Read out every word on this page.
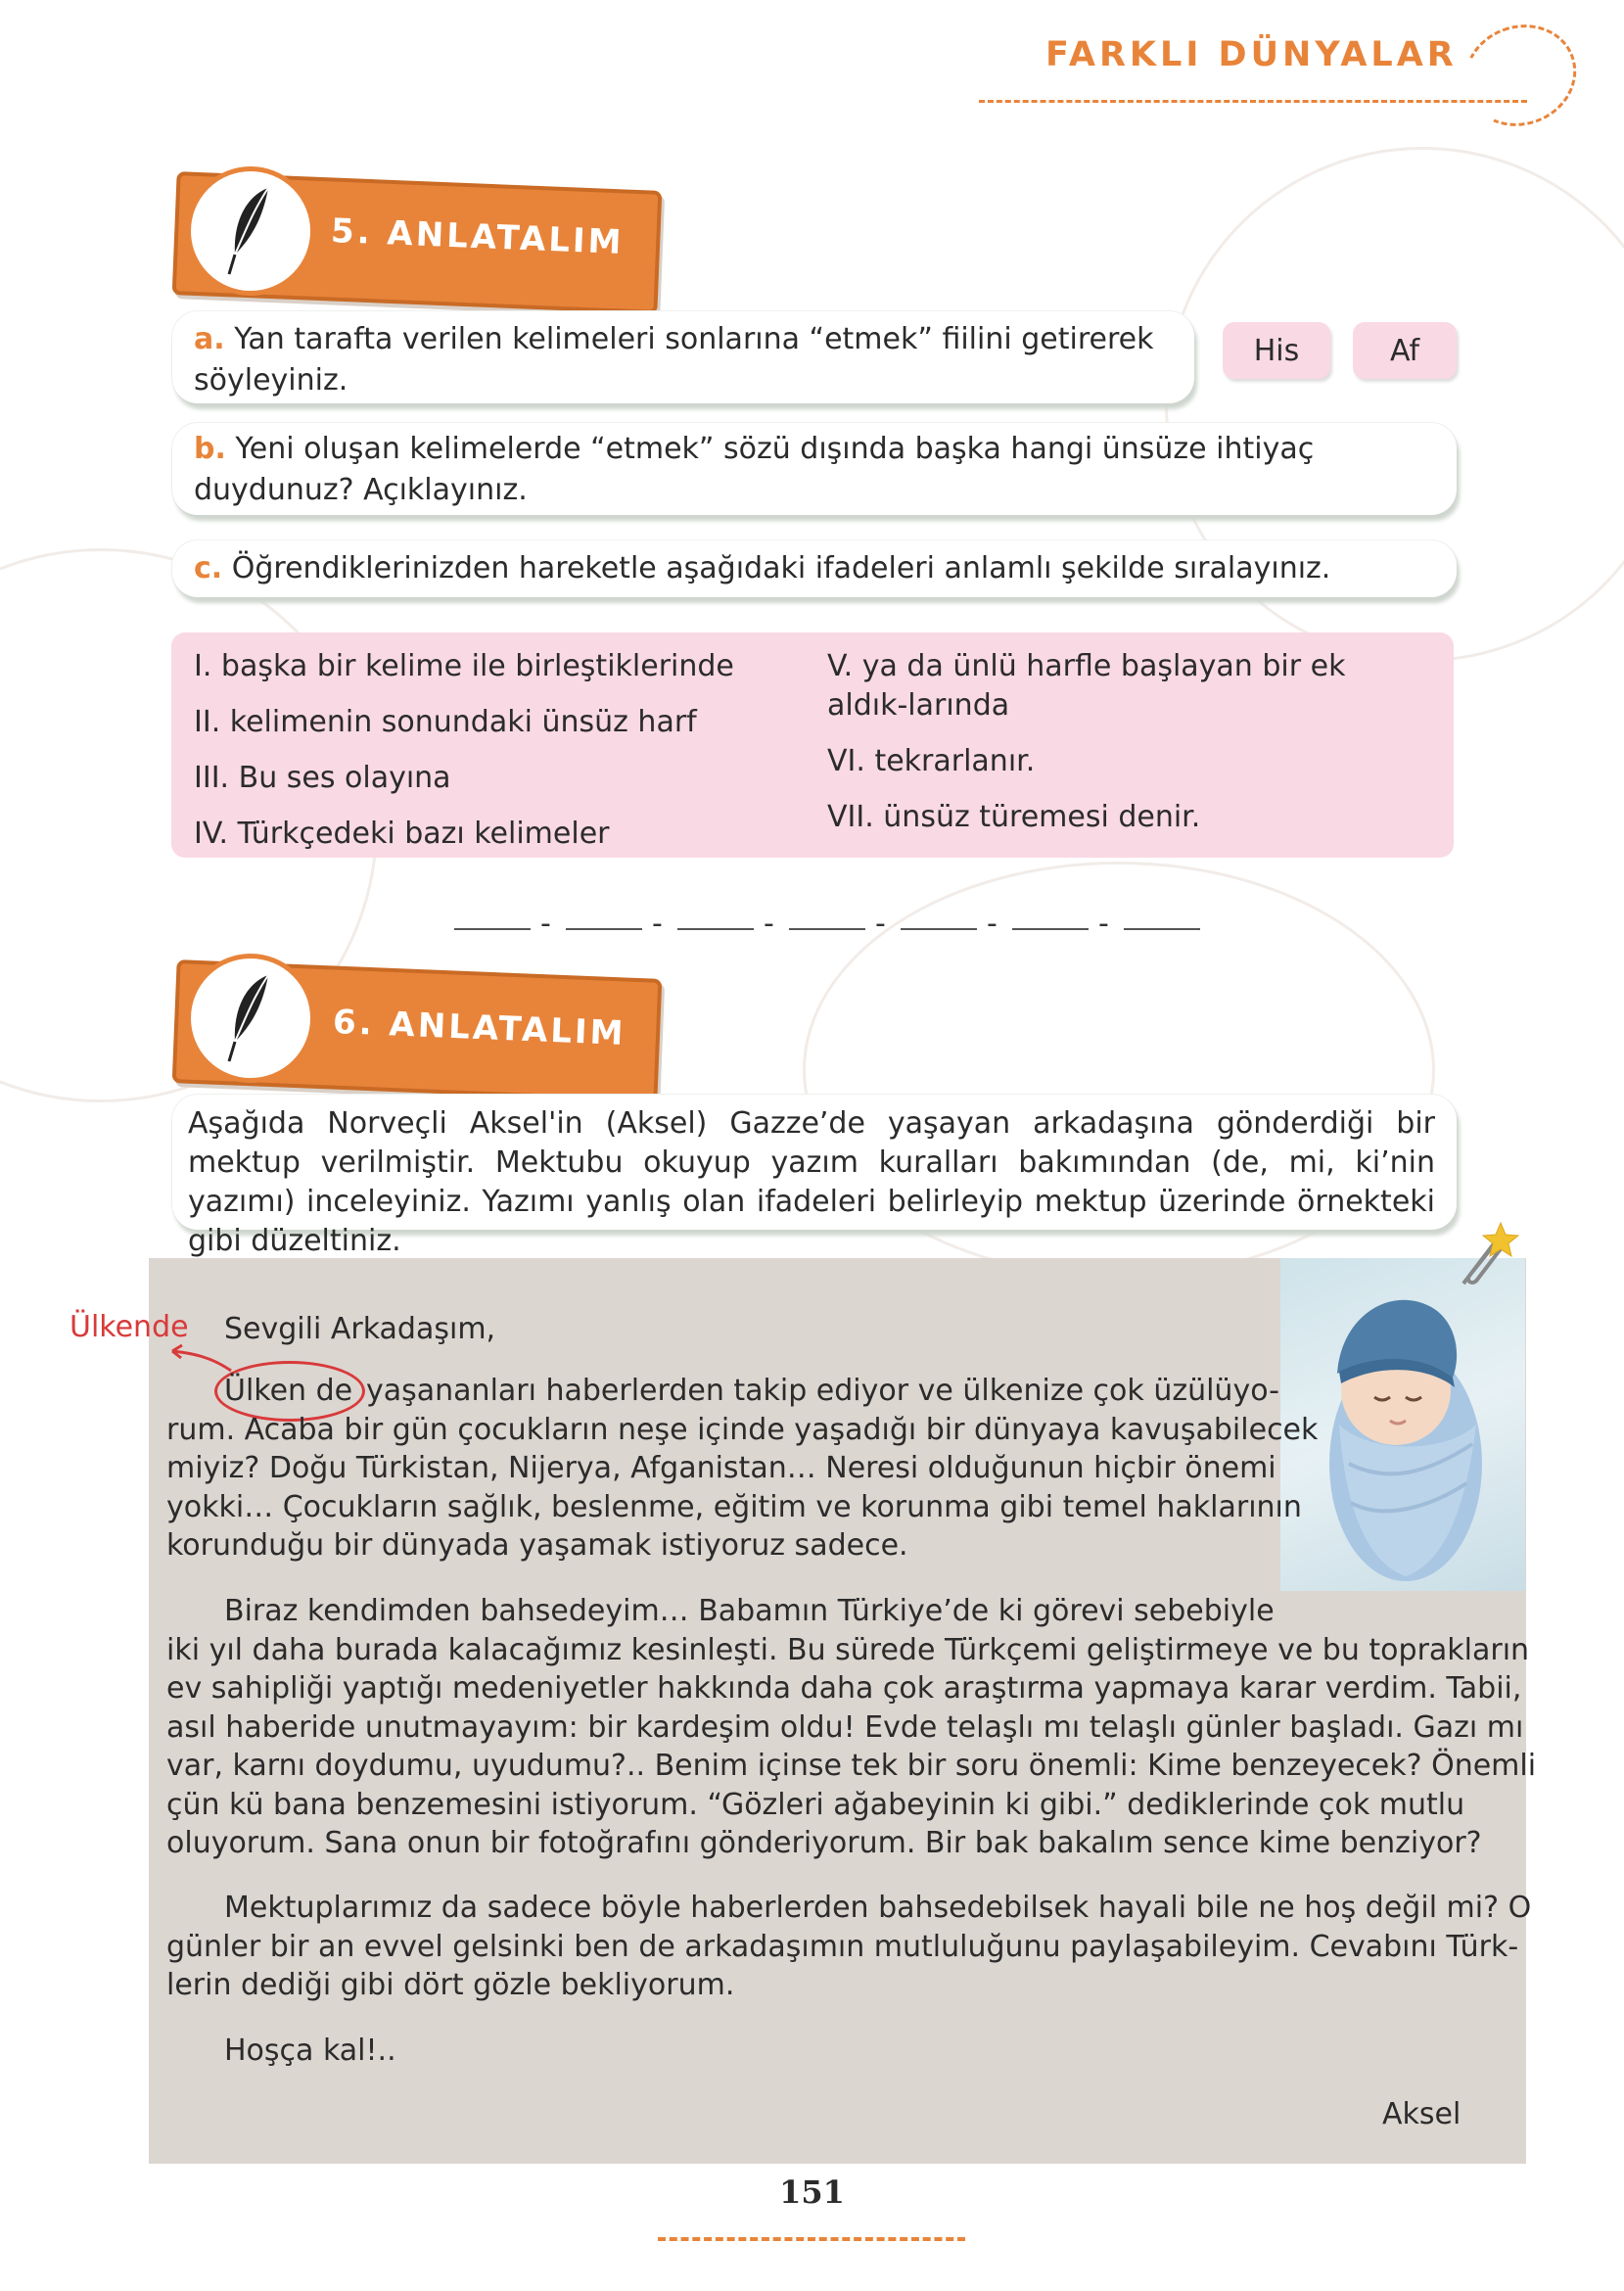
FARKLI DÜNYALAR
5. ANLATALIM
a. Yan tarafta verilen kelimeleri sonlarına “etmek” fiilini getirerek söyleyiniz.
His	Af
b. Yeni oluşan kelimelerde “etmek” sözü dışında başka hangi ünsüze ihtiyaç duydunuz? Açıklayınız.
c. Öğrendiklerinizden hareketle aşağıdaki ifadeleri anlamlı şekilde sıralayınız.
I. başka bir kelime ile birleştiklerinde
II. kelimenin sonundaki ünsüz harf
III. Bu ses olayına
IV. Türkçedeki bazı kelimeler
V. ya da ünlü harfle başlayan bir ek aldık-larında
VI. tekrarlanır.
VII. ünsüz türemesi denir.
-	-	-	-	-	-
6. ANLATALIM
Aşağıda Norveçli Aksel'in (Aksel) Gazze’de yaşayan arkadaşına gönderdiği bir mektup verilmiştir. Mektubu okuyup yazım kuralları bakımından (de, mi, ki’nin yazımı) inceleyiniz. Yazımı yanlış olan ifadeleri belirleyip mektup üzerinde örnekteki gibi düzeltiniz.
Ülkende Sevgili Arkadaşım,
Ülken de yaşananları haberlerden takip ediyor ve ülkenize çok üzülüyo-
rum. Acaba bir gün çocukların neşe içinde yaşadığı bir dünyaya kavuşabilecek
miyiz? Doğu Türkistan, Nijerya, Afganistan… Neresi olduğunun hiçbir önemi
yokki… Çocukların sağlık, beslenme, eğitim ve korunma gibi temel haklarının
korunduğu bir dünyada yaşamak istiyoruz sadece.
Biraz kendimden bahsedeyim… Babamın Türkiye’de ki görevi sebebiyle
iki yıl daha burada kalacağımız kesinleşti. Bu sürede Türkçemi geliştirmeye ve bu toprakların
ev sahipliği yaptığı medeniyetler hakkında daha çok araştırma yapmaya karar verdim. Tabii,
asıl haberide unutmayayım: bir kardeşim oldu! Evde telaşlı mı telaşlı günler başladı. Gazı mı
var, karnı doydumu, uyudumu?.. Benim içinse tek bir soru önemli: Kime benzeyecek? Önemli
çün kü bana benzemesini istiyorum. “Gözleri ağabeyinin ki gibi.” dediklerinde çok mutlu
oluyorum. Sana onun bir fotoğrafını gönderiyorum. Bir bak bakalım sence kime benziyor?
Mektuplarımız da sadece böyle haberlerden bahsedebilsek hayali bile ne hoş değil mi? O
günler bir an evvel gelsinki ben de arkadaşımın mutluluğunu paylaşabileyim. Cevabını Türk-
lerin dediği gibi dört gözle bekliyorum.
Hoşça kal!..
Aksel
151
